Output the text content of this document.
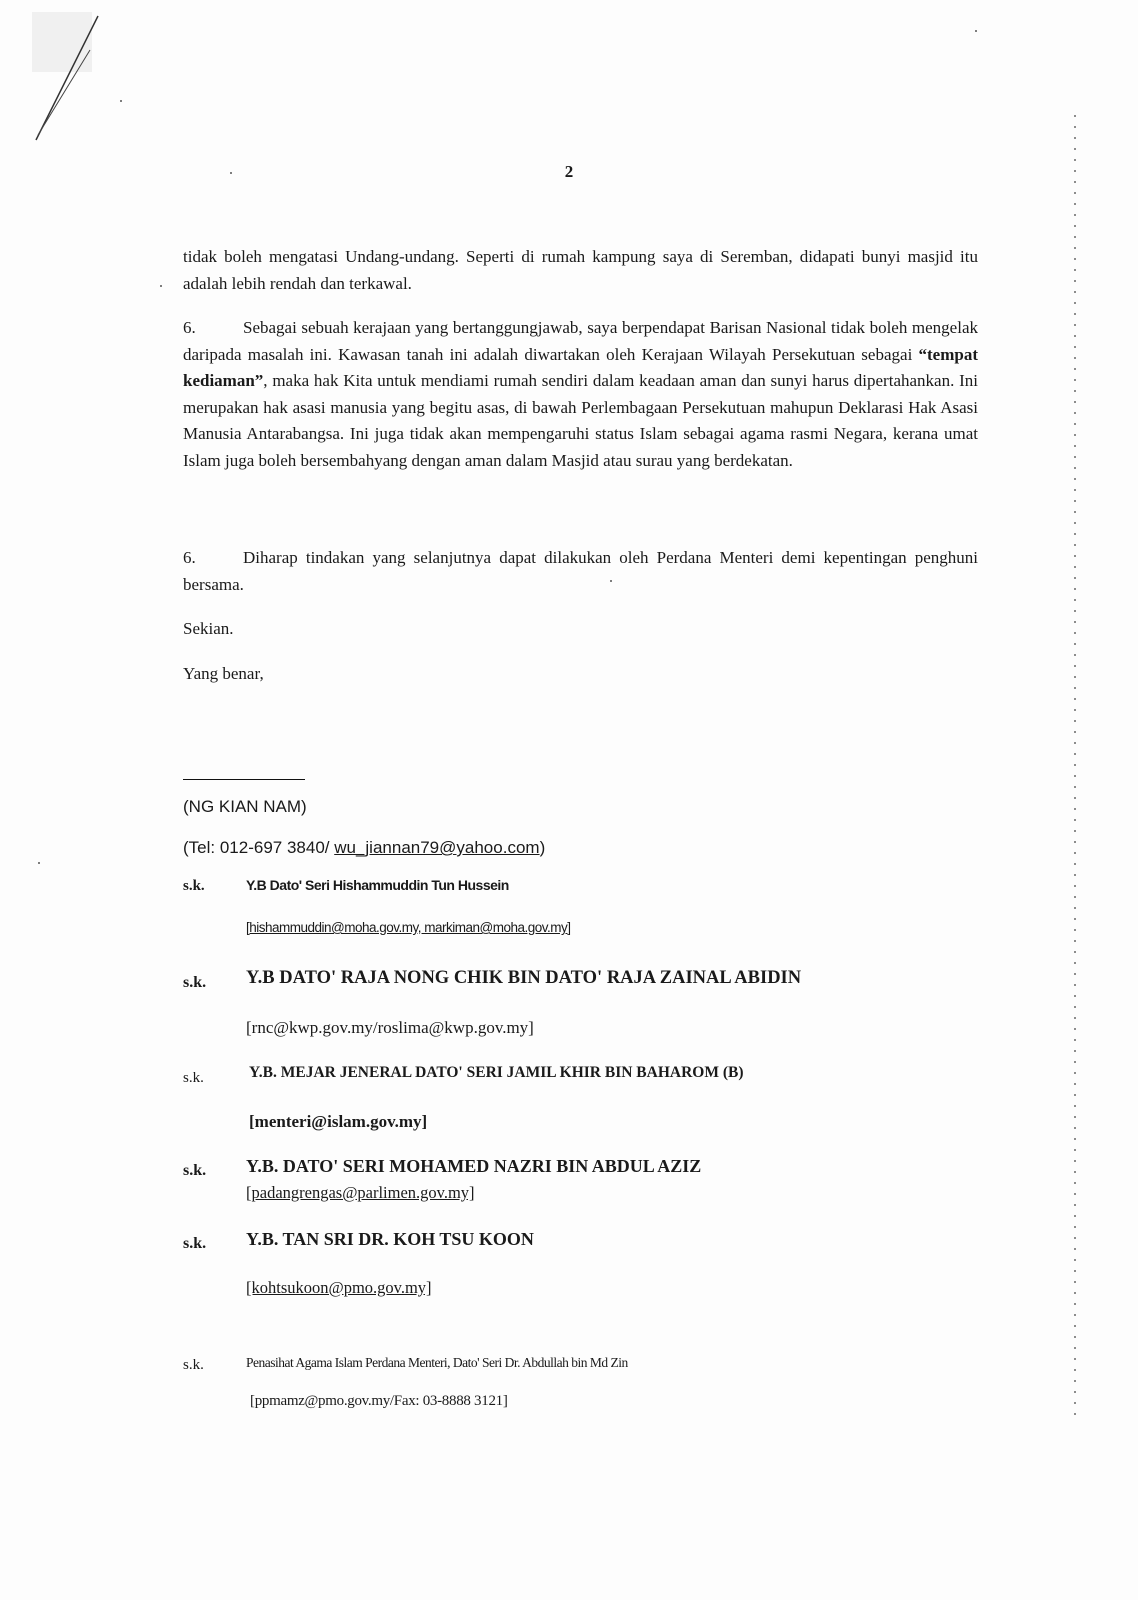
2
tidak boleh mengatasi Undang-undang. Seperti di rumah kampung saya di Seremban, didapati bunyi masjid itu adalah lebih rendah dan terkawal.
6.	Sebagai sebuah kerajaan yang bertanggungjawab, saya berpendapat Barisan Nasional tidak boleh mengelak daripada masalah ini. Kawasan tanah ini adalah diwartakan oleh Kerajaan Wilayah Persekutuan sebagai “tempat kediaman”, maka hak Kita untuk mendiami rumah sendiri dalam keadaan aman dan sunyi harus dipertahankan. Ini merupakan hak asasi manusia yang begitu asas, di bawah Perlembagaan Persekutuan mahupun Deklarasi Hak Asasi Manusia Antarabangsa. Ini juga tidak akan mempengaruhi status Islam sebagai agama rasmi Negara, kerana umat Islam juga boleh bersembahyang dengan aman dalam Masjid atau surau yang berdekatan.
6.	Diharap tindakan yang selanjutnya dapat dilakukan oleh Perdana Menteri demi kepentingan penghuni bersama.
Sekian.
Yang benar,
(NG KIAN NAM)
(Tel: 012-697 3840/ wu_jiannan79@yahoo.com)
s.k.	Y.B Dato' Seri Hishammuddin Tun Hussein
[hishammuddin@moha.gov.my, markiman@moha.gov.my]
s.k. Y.B DATO' RAJA NONG CHIK BIN DATO' RAJA ZAINAL ABIDIN
[rnc@kwp.gov.my/roslima@kwp.gov.my]
s.k.	Y.B. MEJAR JENERAL DATO' SERI JAMIL KHIR BIN BAHAROM (B)
[menteri@islam.gov.my]
s.k. Y.B. DATO' SERI MOHAMED NAZRI BIN ABDUL AZIZ
[padangrengas@parlimen.gov.my]
s.k. Y.B. TAN SRI DR. KOH TSU KOON
[kohtsukoon@pmo.gov.my]
s.k.	Penasihat Agama Islam Perdana Menteri, Dato' Seri Dr. Abdullah bin Md Zin
[ppmamz@pmo.gov.my/Fax: 03-8888 3121]
